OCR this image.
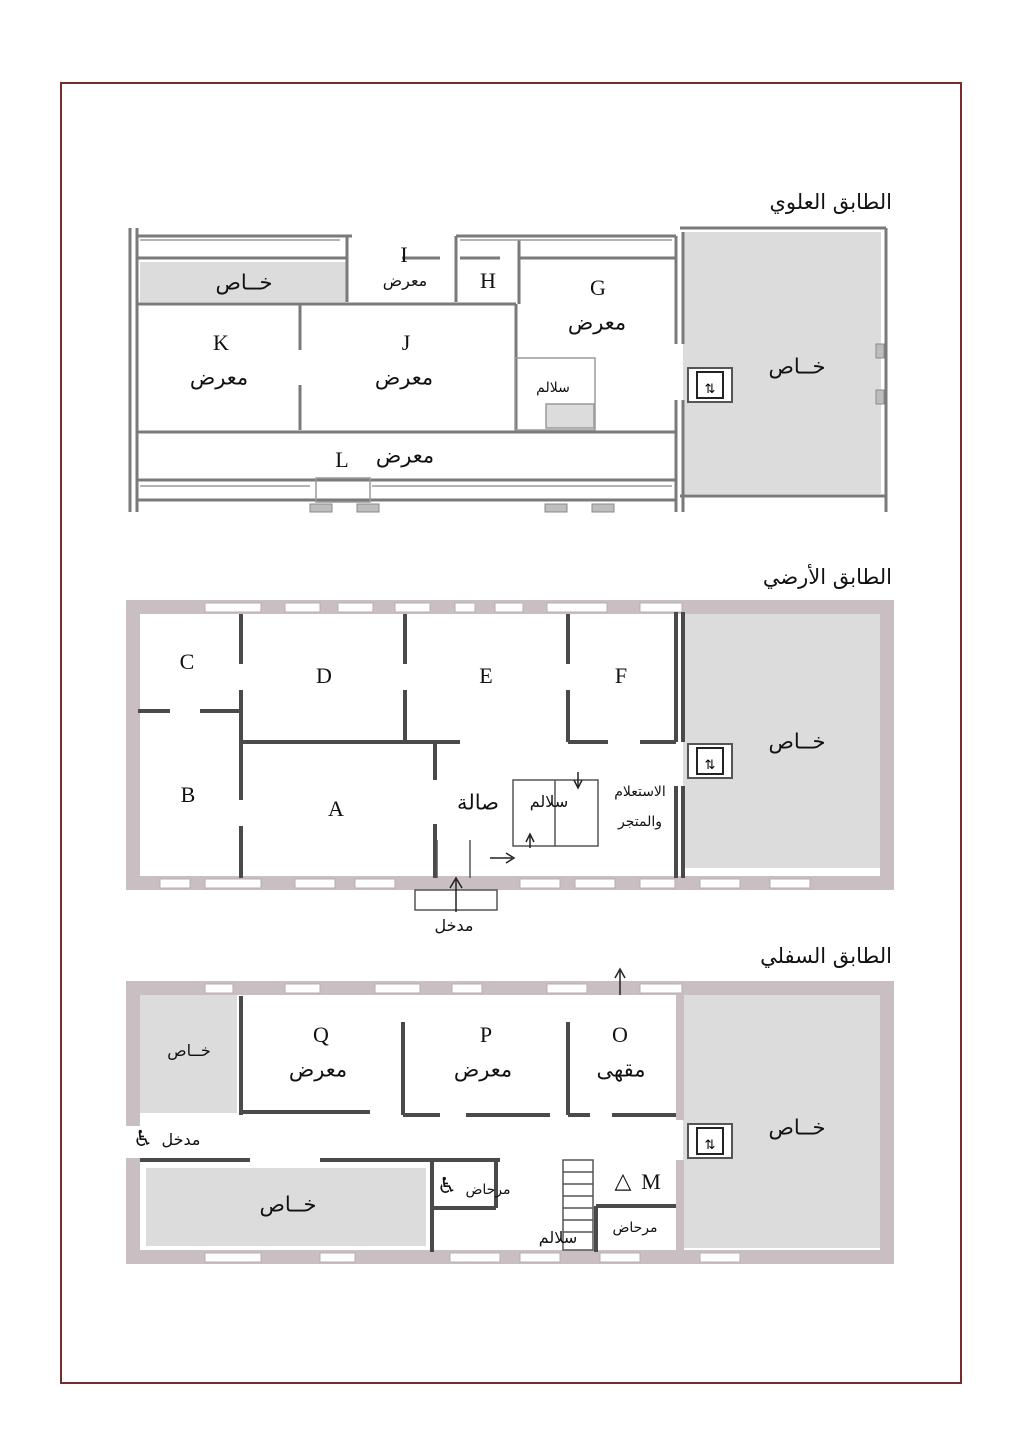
⇅
⇅
⇅
الطابق العلوي
الطابق الأرضي
الطابق السفلي
خــاص
I
معرض H	G
معرض
K
معرض
J
معرض	سلالم
L معرض
خــاص
C
D	E	F
B
A	صالة سلالم	الاستعلام
والمتجر
خــاص
مدخل
خــاص
Q
معرض
P
معرض
O
مقهى
خــاص
♿ مدخل
خــاص
♿ مرحاض	△ M
سلالم	مرحاض
